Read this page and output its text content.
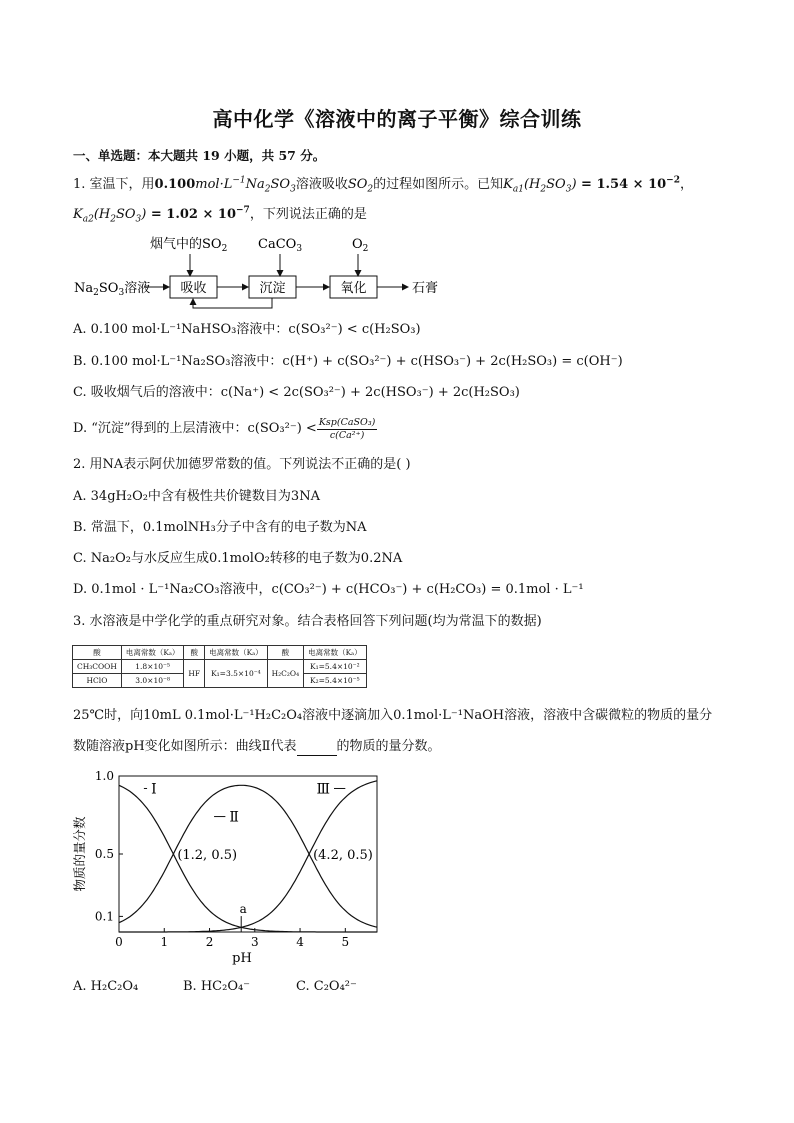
高中化学《溶液中的离子平衡》综合训练
一、单选题：本大题共 19 小题，共 57 分。
1. 室温下，用$0.100mol\cdot L^{-1}Na_2SO_3$溶液吸收$SO_2$的过程如图所示。已知$K_{a1}(H_2SO_3) = 1.54 \times 10^{-2}$，
$K_{a2}(H_2SO_3) = 1.02 \times 10^{-7}$，下列说法正确的是
烟气中的$SO_2$ CaCO$_3$	$O_2$
$Na_2SO_3$溶液 吸收	沉淀	氧化	石膏
A. 0.100 mol·L⁻¹NaHSO₃溶液中：c(SO₃²⁻) < c(H₂SO₃)
B. 0.100 mol·L⁻¹Na₂SO₃溶液中：c(H⁺) + c(SO₃²⁻) + c(HSO₃⁻) + 2c(H₂SO₃) = c(OH⁻)
C. 吸收烟气后的溶液中：c(Na⁺) < 2c(SO₃²⁻) + 2c(HSO₃⁻) + 2c(H₂SO₃)
D. “沉淀”得到的上层清液中：$c(SO_3^{2-}) < \frac{\text{Ksp(CaSO₃)}}{\text{c(Ca²⁺)}}$
2. 用NA表示阿伏加德罗常数的值。下列说法不正确的是( )
A. 34gH₂O₂中含有极性共价键数目为3NA
B. 常温下，0.1molNH₃分子中含有的电子数为NA
C. Na₂O₂与水反应生成0.1molO₂转移的电子数为0.2NA
D. 0.1mol · L⁻¹Na₂CO₃溶液中，c(CO₃²⁻) + c(HCO₃⁻) + c(H₂CO₃) = 0.1mol · L⁻¹
3. 水溶液是中学化学的重点研究对象。结合表格回答下列问题(均为常温下的数据)
酸	电离常数（Kₐ）	酸	电离常数（Kₐ）	酸	电离常数（Kₐ）
CH₃COOH	1.8×10⁻⁵	HF	K₁=3.5×10⁻⁴	H₂C₂O₄	K₁=5.4×10⁻²
HClO	3.0×10⁻⁸				K₂=5.4×10⁻⁵
25℃时，向10mL 0.1mol·L⁻¹H₂C₂O₄溶液中逐滴加入0.1mol·L⁻¹NaOH溶液，溶液中含碳微粒的物质的量分
数随溶液pH变化如图所示：曲线Ⅱ代表	的物质的量分数。
0	1	2	3	4	5
0.1
0.5
1.0
Ⅰ
Ⅱ
Ⅲ
(1.2, 0.5)	(4.2, 0.5)
a
pH
物质的量分数
A. H₂C₂O₄	B. HC₂O₄⁻	C. C₂O₄²⁻
